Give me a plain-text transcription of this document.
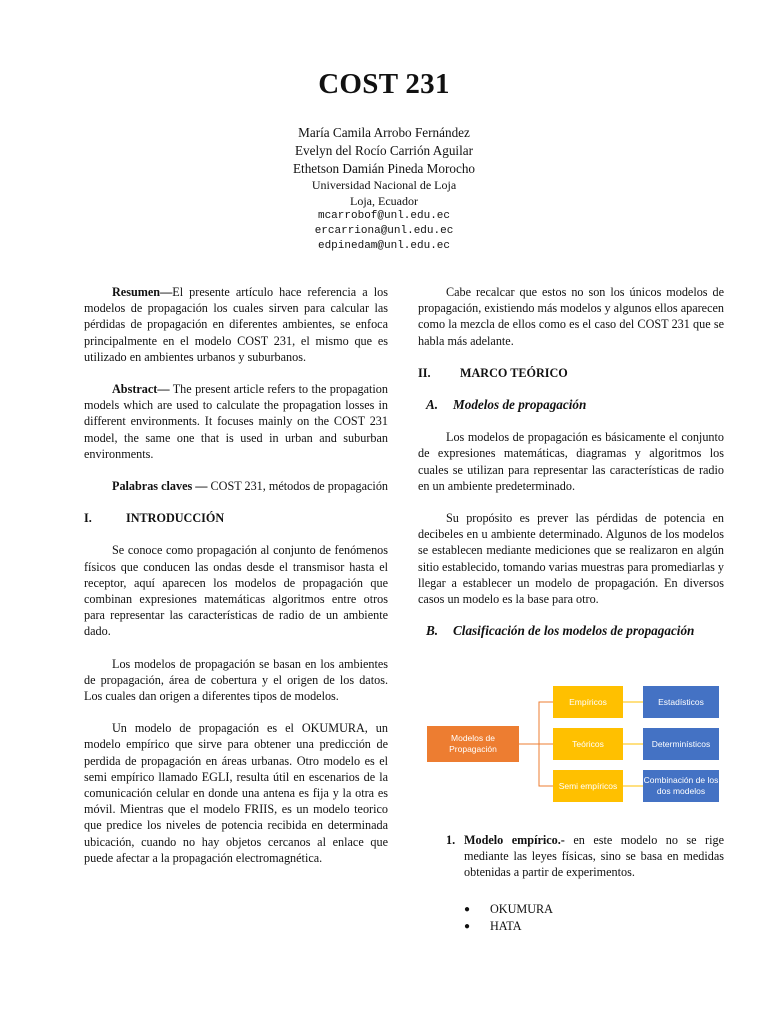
COST 231
María Camila Arrobo Fernández
Evelyn del Rocío Carrión Aguilar
Ethetson Damián Pineda Morocho
Universidad Nacional de Loja
Loja, Ecuador
mcarrobof@unl.edu.ec
ercarriona@unl.edu.ec
edpinedam@unl.edu.ec

Resumen—El presente artículo hace referencia a los modelos de propagación los cuales sirven para calcular las pérdidas de propagación en diferentes ambientes, se enfoca principalmente en el modelo COST 231, el mismo que es utilizado en ambientes urbanos y suburbanos.

Abstract— The present article refers to the propagation models which are used to calculate the propagation losses in different environments. It focuses mainly on the COST 231 model, the same one that is used in urban and suburban environments.

Palabras claves — COST 231, métodos de propagación

I.	INTRODUCCIÓN

Se conoce como propagación al conjunto de fenómenos físicos que conducen las ondas desde el transmisor hasta el receptor, aquí aparecen los modelos de propagación que combinan expresiones matemáticas algoritmos entre otros para representar las características de radio de un ambiente dado.

Los modelos de propagación se basan en los ambientes de propagación, área de cobertura y el origen de los datos. Los cuales dan origen a diferentes tipos de modelos.

Un modelo de propagación es el OKUMURA, un modelo empírico que sirve para obtener una predicción de perdida de propagación en áreas urbanas. Otro modelo es el semi empírico llamado EGLI, resulta útil en escenarios de la comunicación celular en donde una antena es fija y la otra es móvil. Mientras que el modelo FRIIS, es un modelo teorico que predice los niveles de potencia recibida en determinada ubicación, cuando no hay objetos cercanos al enlace que puede afectar a la propagación electromagnética.

Cabe recalcar que estos no son los únicos modelos de propagación, existiendo más modelos y algunos ellos aparecen como la mezcla de ellos como es el caso del COST 231 que se habla más adelante.

II.	MARCO TEÓRICO
A.	Modelos de propagación

Los modelos de propagación es básicamente el conjunto de expresiones matemáticas, diagramas y algoritmos los cuales se utilizan para representar las características de radio en un ambiente predeterminado.

Su propósito es prever las pérdidas de potencia en decibeles en u ambiente determinado. Algunos de los modelos se establecen mediante mediciones que se realizaron en algún sitio establecido, tomando varias muestras para promediarlas y llegar a establecer un modelo de propagación. En diversos casos un modelo es la base para otro.

B.	Clasificación de los modelos de propagación
Modelos de Propagación
Empíricos
Teóricos
Semi empíricos
Estadísticos
Determinísticos
Combinación de los dos modelos
1. Modelo empírico.- en este modelo no se rige mediante las leyes físicas, sino se basa en medidas obtenidas a partir de experimentos.
●	OKUMURA
●	HATA
